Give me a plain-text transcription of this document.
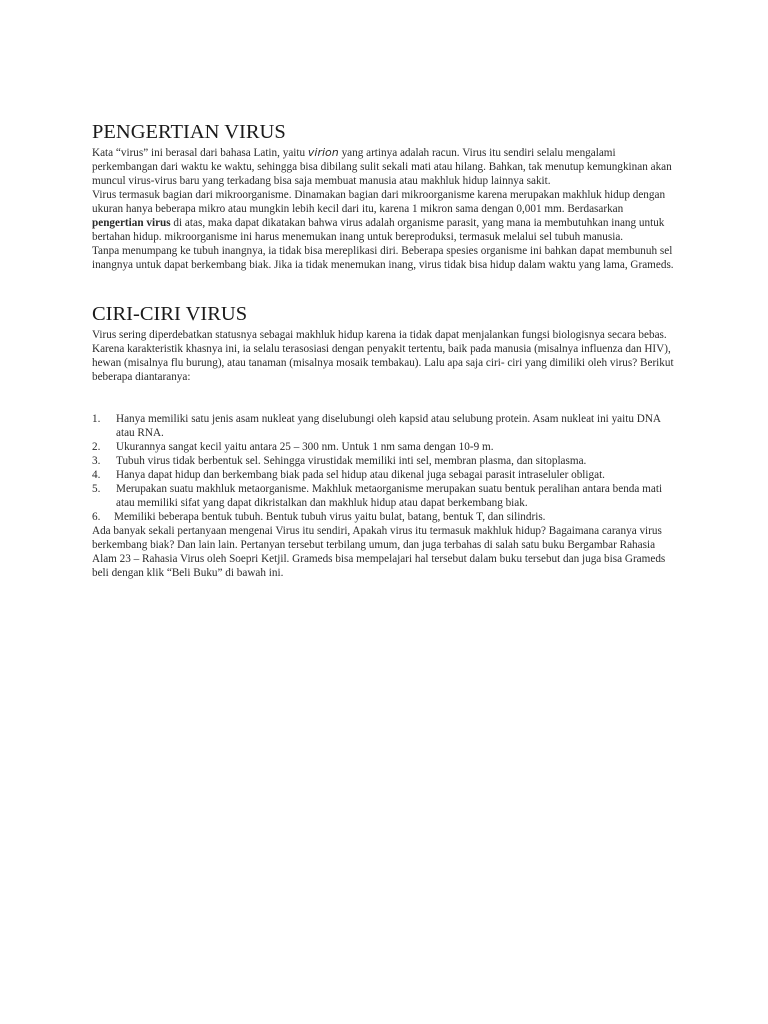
PENGERTIAN VIRUS

Kata “virus” ini berasal dari bahasa Latin, yaitu virion yang artinya adalah racun. Virus itu sendiri selalu mengalami perkembangan dari waktu ke waktu, sehingga bisa dibilang sulit sekali mati atau hilang. Bahkan, tak menutup kemungkinan akan muncul virus-virus baru yang terkadang bisa saja membuat manusia atau makhluk hidup lainnya sakit.

Virus termasuk bagian dari mikroorganisme. Dinamakan bagian dari mikroorganisme karena merupakan makhluk hidup dengan ukuran hanya beberapa mikro atau mungkin lebih kecil dari itu, karena 1 mikron sama dengan 0,001 mm. Berdasarkan pengertian virus di atas, maka dapat dikatakan bahwa virus adalah organisme parasit, yang mana ia membutuhkan inang untuk bertahan hidup. mikroorganisme ini harus menemukan inang untuk bereproduksi, termasuk melalui sel tubuh manusia.

Tanpa menumpang ke tubuh inangnya, ia tidak bisa mereplikasi diri. Beberapa spesies organisme ini bahkan dapat membunuh sel inangnya untuk dapat berkembang biak. Jika ia tidak menemukan inang, virus tidak bisa hidup dalam waktu yang lama, Grameds.

CIRI-CIRI VIRUS

Virus sering diperdebatkan statusnya sebagai makhluk hidup karena ia tidak dapat menjalankan fungsi biologisnya secara bebas. Karena karakteristik khasnya ini, ia selalu terasosiasi dengan penyakit tertentu, baik pada manusia (misalnya influenza dan HIV), hewan (misalnya flu burung), atau tanaman (misalnya mosaik tembakau). Lalu apa saja ciri- ciri yang dimiliki oleh virus? Berikut beberapa diantaranya:

1. Hanya memiliki satu jenis asam nukleat yang diselubungi oleh kapsid atau selubung protein. Asam nukleat ini yaitu DNA atau RNA.
2. Ukurannya sangat kecil yaitu antara 25 – 300 nm. Untuk 1 nm sama dengan 10-9 m.
3. Tubuh virus tidak berbentuk sel. Sehingga virustidak memiliki inti sel, membran plasma, dan sitoplasma.
4. Hanya dapat hidup dan berkembang biak pada sel hidup atau dikenal juga sebagai parasit intraseluler obligat.
5. Merupakan suatu makhluk metaorganisme. Makhluk metaorganisme merupakan suatu bentuk peralihan antara benda mati atau memiliki sifat yang dapat dikristalkan dan makhluk hidup atau dapat berkembang biak.
6. Memiliki beberapa bentuk tubuh. Bentuk tubuh virus yaitu bulat, batang, bentuk T, dan silindris.

Ada banyak sekali pertanyaan mengenai Virus itu sendiri, Apakah virus itu termasuk makhluk hidup? Bagaimana caranya virus berkembang biak? Dan lain lain. Pertanyan tersebut terbilang umum, dan juga terbahas di salah satu buku Bergambar Rahasia Alam 23 – Rahasia Virus oleh Soepri Ketjil. Grameds bisa mempelajari hal tersebut dalam buku tersebut dan juga bisa Grameds beli dengan klik “Beli Buku” di bawah ini.
